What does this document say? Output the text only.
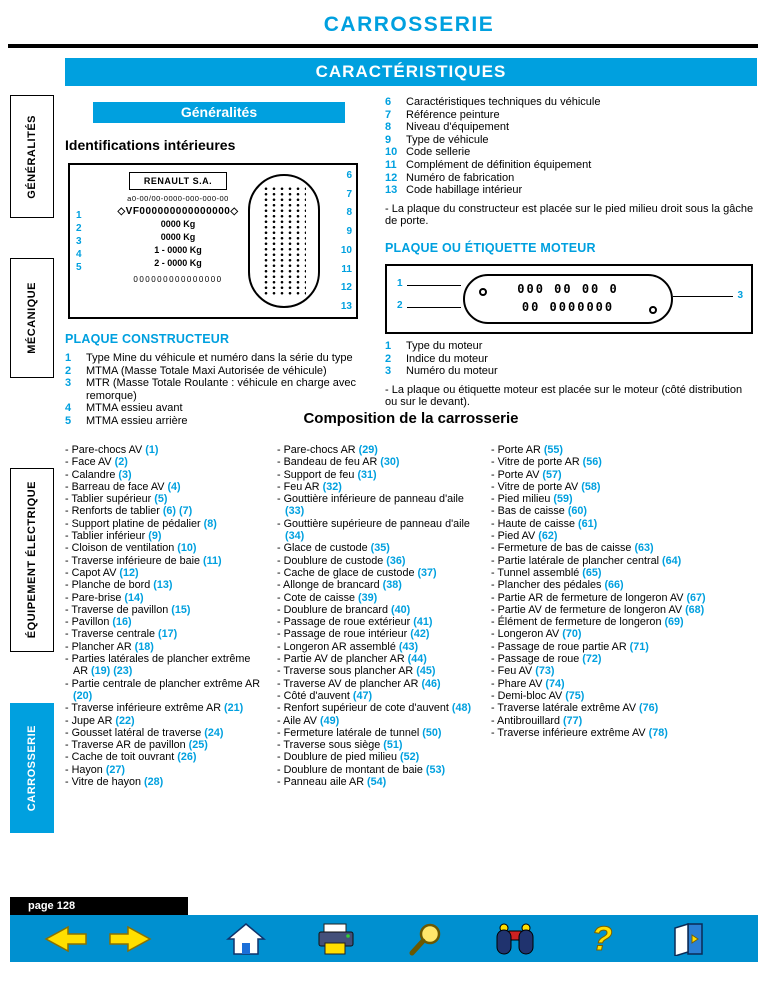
CARROSSERIE
GÉNÉRALITÉS
MÉCANIQUE
ÉQUIPEMENT ÉLECTRIQUE
CARROSSERIE
CARACTÉRISTIQUES
Généralités
Identifications intérieures
1
2
3
4
5
RENAULT S.A.
a0-00/00-0000-000-000-00
◇VF000000000000000◇
0000 Kg
0000 Kg
1 - 0000 Kg
2 - 0000 Kg
000000000000000
6
7
8
9
10
11
12
13
PLAQUE CONSTRUCTEUR
1	Type Mine du véhicule et numéro dans la série du type
2	MTMA (Masse Totale Maxi Autorisée de véhicule)
3	MTR (Masse Totale Roulante : véhicule en charge avec remorque)
4	MTMA essieu avant
5	MTMA essieu arrière
6	Caractéristiques techniques du véhicule
7	Référence peinture
8	Niveau d'équipement
9	Type de véhicule
10 Code sellerie
11 Complément de définition équipement
12 Numéro de fabrication
13 Code habillage intérieur
- La plaque du constructeur est placée sur le pied milieu droit sous la gâche de porte.
PLAQUE OU ÉTIQUETTE MOTEUR
1
2
3
000 00 00 0
00 0000000
1	Type du moteur
2	Indice du moteur
3	Numéro du moteur
- La plaque ou étiquette moteur est placée sur le moteur (côté distribution ou sur le devant).
Composition de la carrosserie
- Pare-chocs AV (1)
- Face AV (2)
- Calandre (3)
- Barreau de face AV (4)
- Tablier supérieur (5)
- Renforts de tablier (6) (7)
- Support platine de pédalier (8)
- Tablier inférieur (9)
- Cloison de ventilation (10)
- Traverse inférieure de baie (11)
- Capot AV (12)
- Planche de bord (13)
- Pare-brise (14)
- Traverse de pavillon (15)
- Pavillon (16)
- Traverse centrale (17)
- Plancher AR (18)
- Parties latérales de plancher extrême AR (19) (23)
- Partie centrale de plancher extrême AR (20)
- Traverse inférieure extrême AR (21)
- Jupe AR (22)
- Gousset latéral de traverse (24)
- Traverse AR de pavillon (25)
- Cache de toit ouvrant (26)
- Hayon (27)
- Vitre de hayon (28)
- Pare-chocs AR (29)
- Bandeau de feu AR (30)
- Support de feu (31)
- Feu AR (32)
- Gouttière inférieure de panneau d'aile (33)
- Gouttière supérieure de panneau d'aile (34)
- Glace de custode (35)
- Doublure de custode (36)
- Cache de glace de custode (37)
- Allonge de brancard (38)
- Cote de caisse (39)
- Doublure de brancard (40)
- Passage de roue extérieur (41)
- Passage de roue intérieur (42)
- Longeron AR assemblé (43)
- Partie AV de plancher AR (44)
- Traverse sous plancher AR (45)
- Traverse AV de plancher AR (46)
- Côté d'auvent (47)
- Renfort supérieur de cote d'auvent (48)
- Aile AV (49)
- Fermeture latérale de tunnel (50)
- Traverse sous siège (51)
- Doublure de pied milieu (52)
- Doublure de montant de baie (53)
- Panneau aile AR (54)
- Porte AR (55)
- Vitre de porte AR (56)
- Porte AV (57)
- Vitre de porte AV (58)
- Pied milieu (59)
- Bas de caisse (60)
- Haute de caisse (61)
- Pied AV (62)
- Fermeture de bas de caisse (63)
- Partie latérale de plancher central (64)
- Tunnel assemblé (65)
- Plancher des pédales (66)
- Partie AR de fermeture de longeron AV (67)
- Partie AV de fermeture de longeron AV (68)
- Élément de fermeture de longeron (69)
- Longeron AV (70)
- Passage de roue partie AR (71)
- Passage de roue (72)
- Feu AV (73)
- Phare AV (74)
- Demi-bloc AV (75)
- Traverse latérale extrême AV (76)
- Antibrouillard (77)
- Traverse inférieure extrême AV (78)
page 128
?
